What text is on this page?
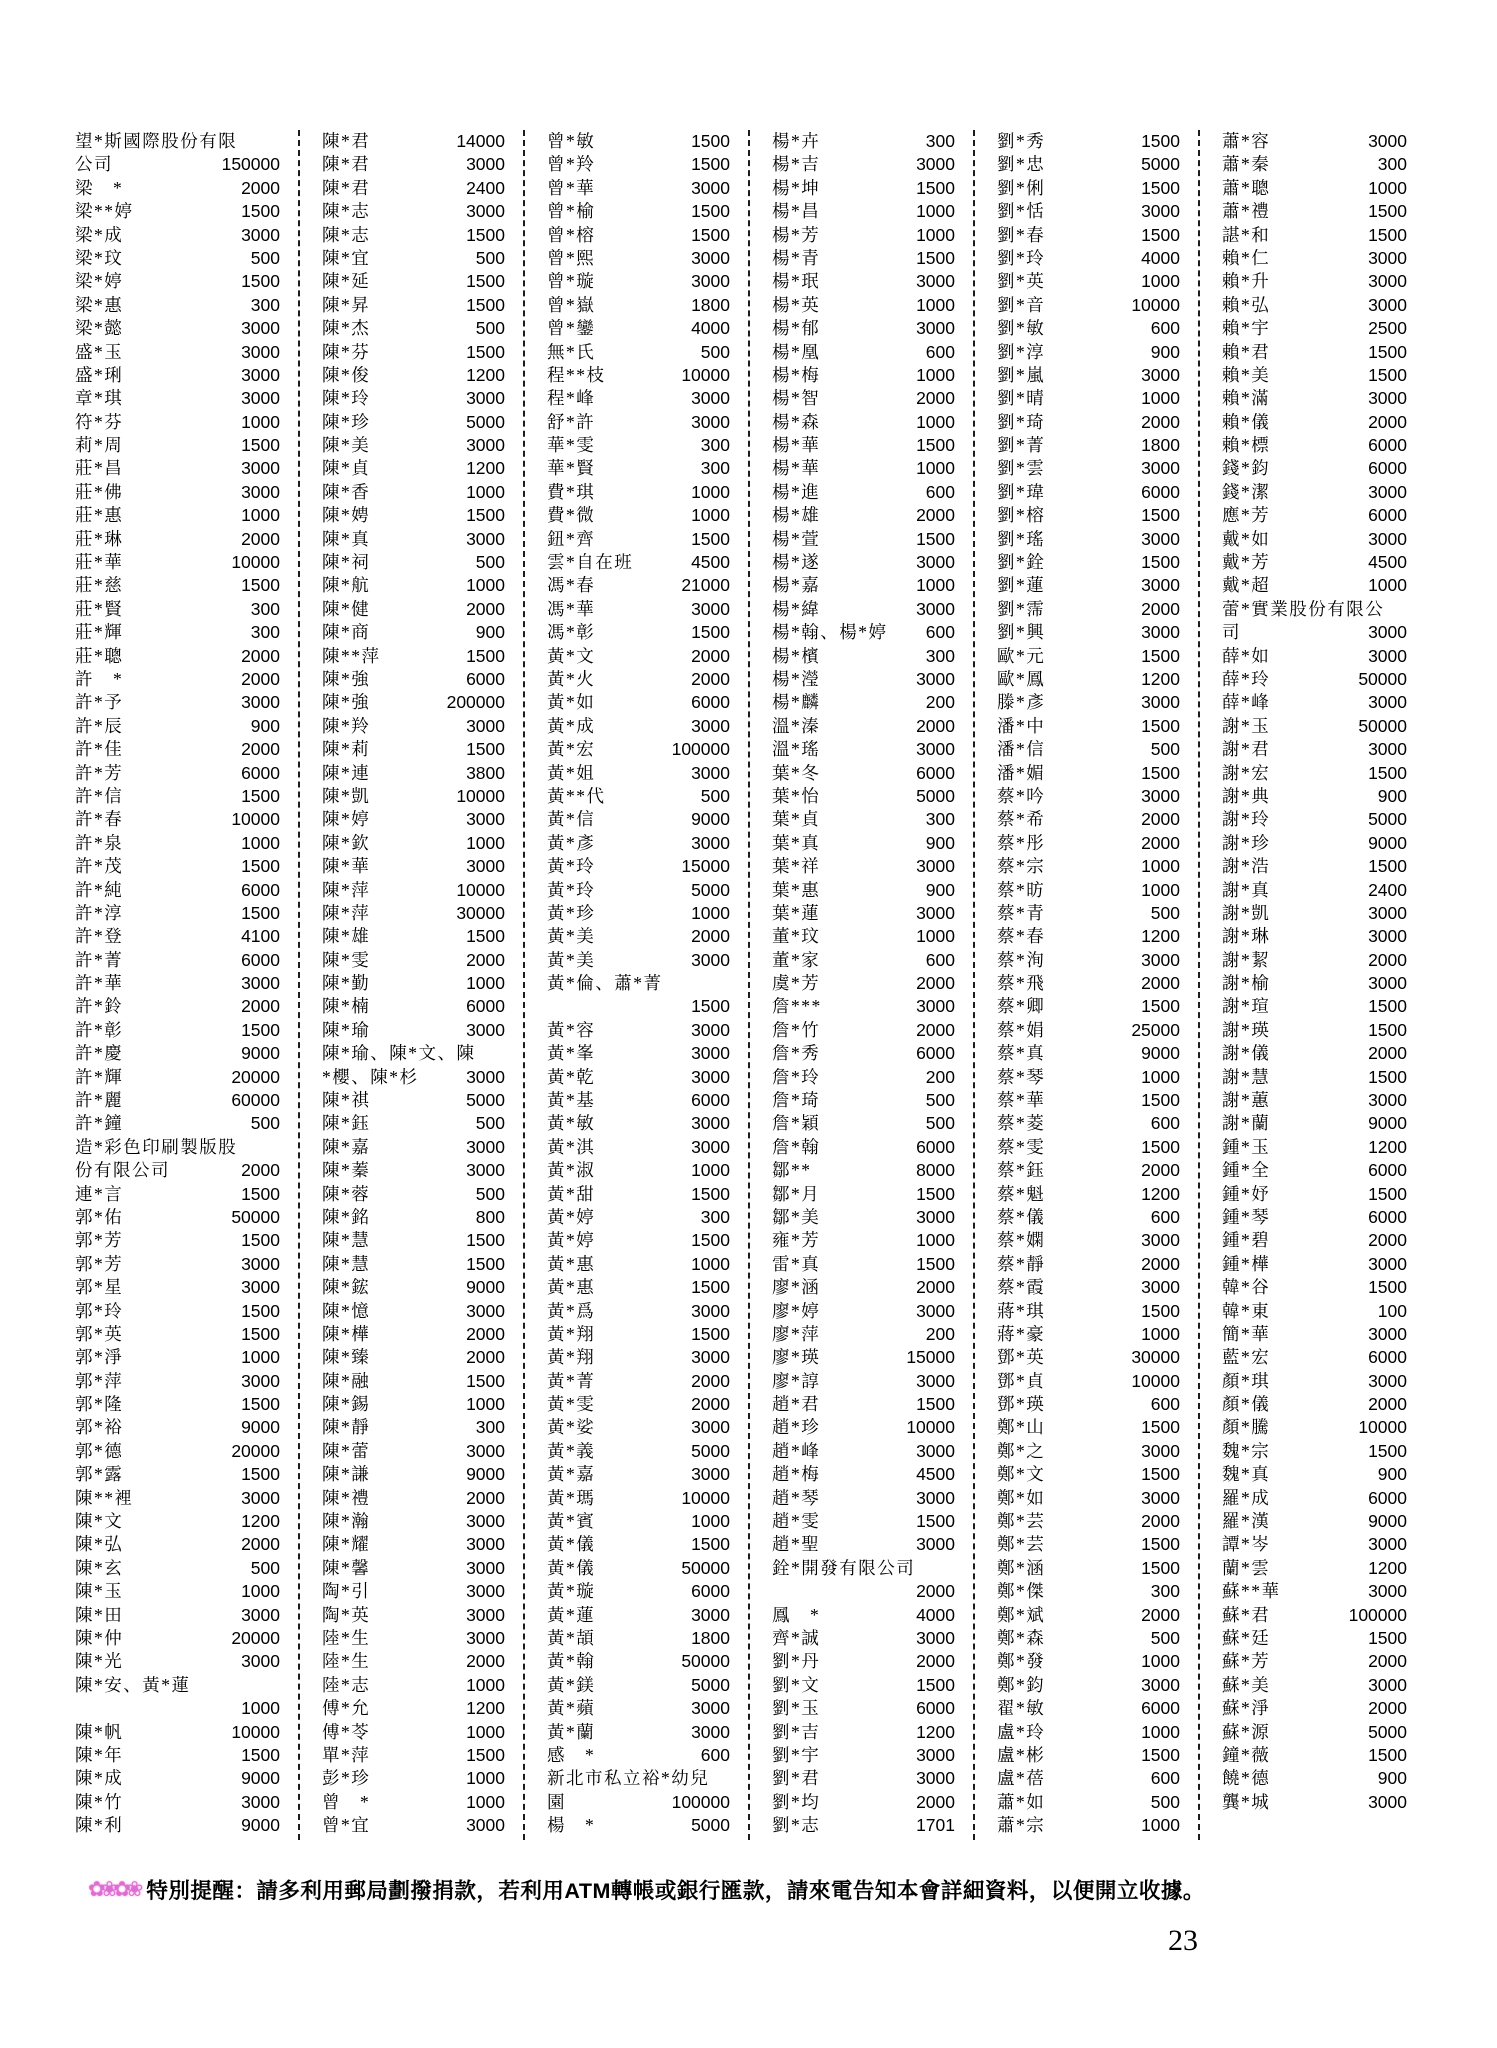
望*斯國際股份有限
公司	150000
梁　*	2000
梁**婷	1500
梁*成	3000
梁*玟	500
梁*婷	1500
梁*惠	300
梁*懿	3000
盛*玉	3000
盛*琍	3000
章*琪	3000
符*芬	1000
莉*周	1500
莊*昌	3000
莊*佛	3000
莊*惠	1000
莊*琳	2000
莊*華	10000
莊*慈	1500
莊*賢	300
莊*輝	300
莊*聰	2000
許　*	2000
許*予	3000
許*辰	900
許*佳	2000
許*芳	6000
許*信	1500
許*春	10000
許*泉	1000
許*茂	1500
許*純	6000
許*淳	1500
許*登	4100
許*菁	6000
許*華	3000
許*鈴	2000
許*彰	1500
許*慶	9000
許*輝	20000
許*麗	60000
許*鐘	500
造*彩色印刷製版股
份有限公司	2000
連*言	1500
郭*佑	50000
郭*芳	1500
郭*芳	3000
郭*星	3000
郭*玲	1500
郭*英	1500
郭*淨	1000
郭*萍	3000
郭*隆	1500
郭*裕	9000
郭*德	20000
郭*露	1500
陳**裡	3000
陳*文	1200
陳*弘	2000
陳*玄	500
陳*玉	1000
陳*田	3000
陳*仲	20000
陳*光	3000
陳*安、黃*蓮
1000
陳*帆	10000
陳*年	1500
陳*成	9000
陳*竹	3000
陳*利	9000
陳*君	14000
陳*君	3000
陳*君	2400
陳*志	3000
陳*志	1500
陳*宜	500
陳*延	1500
陳*昇	1500
陳*杰	500
陳*芬	1500
陳*俊	1200
陳*玲	3000
陳*珍	5000
陳*美	3000
陳*貞	1200
陳*香	1000
陳*娉	1500
陳*真	3000
陳*祠	500
陳*航	1000
陳*健	2000
陳*商	900
陳**萍	1500
陳*強	6000
陳*強	200000
陳*羚	3000
陳*莉	1500
陳*連	3800
陳*凱	10000
陳*婷	3000
陳*欽	1000
陳*華	3000
陳*萍	10000
陳*萍	30000
陳*雄	1500
陳*雯	2000
陳*勤	1000
陳*楠	6000
陳*瑜	3000
陳*瑜、陳*文、陳
*櫻、陳*杉	3000
陳*祺	5000
陳*鈺	500
陳*嘉	3000
陳*蓁	3000
陳*蓉	500
陳*銘	800
陳*慧	1500
陳*慧	1500
陳*鋐	9000
陳*憶	3000
陳*樺	2000
陳*臻	2000
陳*融	1500
陳*錫	1000
陳*靜	300
陳*蕾	3000
陳*謙	9000
陳*禮	2000
陳*瀚	3000
陳*耀	3000
陳*馨	3000
陶*引	3000
陶*英	3000
陸*生	3000
陸*生	2000
陸*志	1000
傅*允	1200
傅*苓	1000
單*萍	1500
彭*珍	1000
曾　*	1000
曾*宜	3000
曾*敏	1500
曾*羚	1500
曾*華	3000
曾*榆	1500
曾*榕	1500
曾*熙	3000
曾*璇	3000
曾*嶽	1800
曾*鑾	4000
無*氏	500
程**枝	10000
程*峰	3000
舒*許	3000
華*雯	300
華*賢	300
費*琪	1000
費*微	1000
鈕*齊	1500
雲*自在班	4500
馮*春	21000
馮*華	3000
馮*彰	1500
黃*文	2000
黃*火	2000
黃*如	6000
黃*成	3000
黃*宏	100000
黃*姐	3000
黃**代	500
黃*信	9000
黃*彥	3000
黃*玲	15000
黃*玲	5000
黃*珍	1000
黃*美	2000
黃*美	3000
黃*倫、蕭*菁
1500
黃*容	3000
黃*峯	3000
黃*乾	3000
黃*基	6000
黃*敏	3000
黃*淇	3000
黃*淑	1000
黃*甜	1500
黃*婷	300
黃*婷	1500
黃*惠	1000
黃*惠	1500
黃*爲	3000
黃*翔	1500
黃*翔	3000
黃*菁	2000
黃*雯	2000
黃*娑	3000
黃*義	5000
黃*嘉	3000
黃*瑪	10000
黃*賓	1000
黃*儀	1500
黃*儀	50000
黃*璇	6000
黃*蓮	3000
黃*頡	1800
黃*翰	50000
黃*鎂	5000
黃*蘋	3000
黃*蘭	3000
感　*	600
新北市私立裕*幼兒
園	100000
楊　*	5000
楊*卉	300
楊*吉	3000
楊*坤	1500
楊*昌	1000
楊*芳	1000
楊*青	1500
楊*珉	3000
楊*英	1000
楊*郁	3000
楊*凰	600
楊*梅	1000
楊*智	2000
楊*森	1000
楊*華	1500
楊*華	1000
楊*進	600
楊*雄	2000
楊*萱	1500
楊*遂	3000
楊*嘉	1000
楊*緯	3000
楊*翰、楊*婷 600
楊*檳	300
楊*瀅	3000
楊*麟	200
溫*溱	2000
溫*瑤	3000
葉*冬	6000
葉*怡	5000
葉*貞	300
葉*真	900
葉*祥	3000
葉*惠	900
葉*蓮	3000
董*玟	1000
董*家	600
虞*芳	2000
詹***	3000
詹*竹	2000
詹*秀	6000
詹*玲	200
詹*琦	500
詹*穎	500
詹*翰	6000
鄒**	8000
鄒*月	1500
鄒*美	3000
雍*芳	1000
雷*真	1500
廖*涵	2000
廖*婷	3000
廖*萍	200
廖*瑛	15000
廖*諄	3000
趙*君	1500
趙*珍	10000
趙*峰	3000
趙*梅	4500
趙*琴	3000
趙*雯	1500
趙*聖	3000
銓*開發有限公司
2000
鳳　*	4000
齊*誠	3000
劉*丹	2000
劉*文	1500
劉*玉	6000
劉*吉	1200
劉*宇	3000
劉*君	3000
劉*均	2000
劉*志	1701
劉*秀	1500
劉*忠	5000
劉*俐	1500
劉*恬	3000
劉*春	1500
劉*玲	4000
劉*英	1000
劉*音	10000
劉*敏	600
劉*淳	900
劉*嵐	3000
劉*晴	1000
劉*琦	2000
劉*菁	1800
劉*雲	3000
劉*瑋	6000
劉*榕	1500
劉*瑤	3000
劉*銓	1500
劉*蓮	3000
劉*霈	2000
劉*興	3000
歐*元	1500
歐*鳳	1200
滕*彥	3000
潘*中	1500
潘*信	500
潘*媚	1500
蔡*吟	3000
蔡*希	2000
蔡*彤	2000
蔡*宗	1000
蔡*昉	1000
蔡*青	500
蔡*春	1200
蔡*洵	3000
蔡*飛	2000
蔡*卿	1500
蔡*娟	25000
蔡*真	9000
蔡*琴	1000
蔡*華	1500
蔡*菱	600
蔡*雯	1500
蔡*鈺	2000
蔡*魁	1200
蔡*儀	600
蔡*嫻	3000
蔡*靜	2000
蔡*霞	3000
蔣*琪	1500
蔣*豪	1000
鄧*英	30000
鄧*貞	10000
鄧*瑛	600
鄭*山	1500
鄭*之	3000
鄭*文	1500
鄭*如	3000
鄭*芸	2000
鄭*芸	1500
鄭*涵	1500
鄭*傑	300
鄭*斌	2000
鄭*森	500
鄭*發	1000
鄭*鈞	3000
翟*敏	6000
盧*玲	1000
盧*彬	1500
盧*蓓	600
蕭*如	500
蕭*宗	1000
蕭*容	3000
蕭*秦	300
蕭*聰	1000
蕭*禮	1500
諶*和	1500
賴*仁	3000
賴*升	3000
賴*弘	3000
賴*宇	2500
賴*君	1500
賴*美	1500
賴*滿	3000
賴*儀	2000
賴*標	6000
錢*鈞	6000
錢*潔	3000
應*芳	6000
戴*如	3000
戴*芳	4500
戴*超	1000
蕾*實業股份有限公
司	3000
薛*如	3000
薛*玲	50000
薛*峰	3000
謝*玉	50000
謝*君	3000
謝*宏	1500
謝*典	900
謝*玲	5000
謝*珍	9000
謝*浩	1500
謝*真	2400
謝*凱	3000
謝*琳	3000
謝*絜	2000
謝*榆	3000
謝*瑄	1500
謝*瑛	1500
謝*儀	2000
謝*慧	1500
謝*蕙	3000
謝*蘭	9000
鍾*玉	1200
鍾*全	6000
鍾*妤	1500
鍾*琴	6000
鍾*碧	2000
鍾*樺	3000
韓*谷	1500
韓*東	100
簡*華	3000
藍*宏	6000
顏*琪	3000
顏*儀	2000
顏*騰	10000
魏*宗	1500
魏*真	900
羅*成	6000
羅*漢	9000
譚*岑	3000
蘭*雲	1200
蘇**華	3000
蘇*君	100000
蘇*廷	1500
蘇*芳	2000
蘇*美	3000
蘇*淨	2000
蘇*源	5000
鐘*薇	1500
饒*德	900
龔*城	3000
✿❀✿❀ 特別提醒：請多利用郵局劃撥捐款，若利用ATM轉帳或銀行匯款，請來電告知本會詳細資料，以便開立收據。
23
